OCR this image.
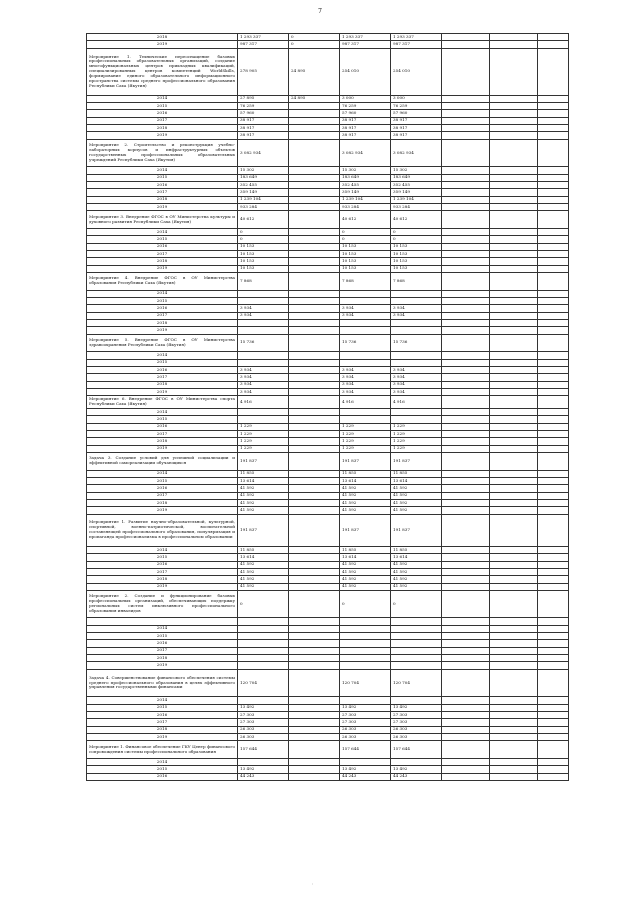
7
2018	1 293 337	0	1 293 337	1 293 337			
2019	987 317	0	987 317	987 317			
Мероприятие 1. Технические переоснащение базовых профессиональных образовательных организаций, создание многофункциональных центров прикладных квалификаций, специализированных центров компетенций WorldSkills, формирование единого образовательного информационного пространства системы среднего профессионального образования Республики Саха (Якутия)	278 905	24 895	254 010	254 010			
2014	27 895	24 895	3 000	3 000			
2015	76 259		76 259	76 259			
2016	57 960		57 960	57 960			
2017	38 917		38 917	38 917			
2018	38 917		38 917	38 917			
2019	38 917		38 917	38 917			
Мероприятие 2. Строительство и реконструкция учебно-лабораторных корпусов и инфраструктурных объектов государственных профессиональных образовательных учреждений Республики Саха (Якутия)	3 082 934		3 082 934	3 082 934			
2014	15 302		15 302	15 302			
2015	183 649		183 649	183 649			
2016	352 455		352 455	352 455			
2017	359 149		359 149	359 149			
2018	1 239 104		1 239 104	1 239 104			
2019	933 284		933 284	933 284			
Мероприятие 3. Внедрение ФГОС в ОУ Министерства культуры и духовного развития Республики Саха (Якутия)	40 612		40 612	40 612			
2014	0		0	0			
2015	0		0	0			
2016	10 153		10 153	10 153			
2017	10 153		10 153	10 153			
2018	10 153		10 153	10 153			
2019	10 153		10 153	10 153			
Мероприятие 4. Внедрение ФГОС в ОУ Министерства образования Республики Саха (Якутия)	7 868		7 868	7 868			
2014							
2015							
2016	3 934		3 934	3 934			
2017	3 934		3 934	3 934			
2018							
2019							
Мероприятие 5. Внедрение ФГОС в ОУ Министерства здравоохранения Республики Саха (Якутия)	15 736		15 736	15 736			
2014							
2015							
2016	3 934		3 934	3 934			
2017	3 934		3 934	3 934			
2018	3 934		3 934	3 934			
2019	3 934		3 934	3 934			
Мероприятие 6. Внедрение ФГОС в ОУ Министерства спорта Республики Саха (Якутия)	4 916		4 916	4 916			
2014							
2015							
2016	1 229		1 229	1 229			
2017	1 229		1 229	1 229			
2018	1 229		1 229	1 229			
2019	1 229		1 229	1 229			
Задача 3. Создание условий для успешной социализации и эффективной самореализации обучающихся	191 837		191 837	191 837			
2014	11 855		11 855	11 855			
2015	13 614		13 614	13 614			
2016	41 592		41 592	41 592			
2017	41 592		41 592	41 592			
2018	41 592		41 592	41 592			
2019	41 592		41 592	41 592			
Мероприятие 1. Развитие научно-образовательной, культурной, спортивной, военно-патриотической, воспитательной составляющей профессионального образования, популяризация и пропаганда профессионализма в профессиональном образовании	191 837		191 837	191 837			
2014	11 855		11 855	11 855			
2015	13 614		13 614	13 614			
2016	41 592		41 592	41 592			
2017	41 592		41 592	41 592			
2018	41 592		41 592	41 592			
2019	41 592		41 592	41 592			
Мероприятие 2. Создание и функционирование базовых профессиональных организаций, обеспечивающих поддержку региональных систем инклюзивного профессионального образования инвалидов	0		0	0			

2014							
2015							
2016							
2017							
2018							
2019							
Задача 4. Совершенствование финансового обеспечения системы среднего профессионального образования в целях эффективного управления государственными финансами	120 704		120 704	120 704			
2014							
2015	13 492		13 492	13 492			
2016	27 303		27 303	27 303			
2017	27 303		27 303	27 303			
2018	26 303		26 303	26 303			
2019	26 303		26 303	26 303			
Мероприятие 1. Финансовое обеспечение ГКУ Центр финансового сопровождения системы профессионального образования	157 644		157 644	157 644			
2014							
2015	13 492		13 492	13 492			
2016	44 243		44 243	44 243			
'
